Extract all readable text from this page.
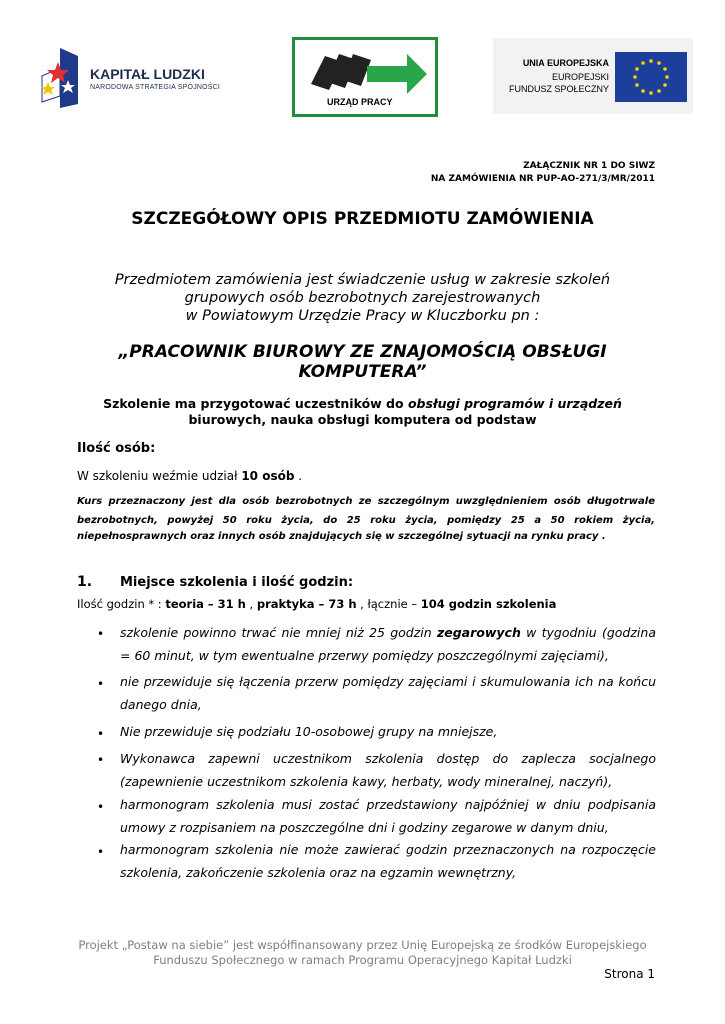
KAPITAŁ LUDZKI
NARODOWA STRATEGIA SPÓJNOŚCI
URZĄD PRACY
UNIA EUROPEJSKA
EUROPEJSKI
FUNDUSZ SPOŁECZNY
ZAŁĄCZNIK NR 1 DO SIWZ
NA ZAMÓWIENIA NR PUP-AO-271/3/MR/2011
SZCZEGÓŁOWY OPIS PRZEDMIOTU ZAMÓWIENIA
Przedmiotem zamówienia jest świadczenie usług w zakresie szkoleń
grupowych osób bezrobotnych zarejestrowanych
w Powiatowym Urzędzie Pracy w Kluczborku pn :
„PRACOWNIK BIUROWY ZE ZNAJOMOŚCIĄ OBSŁUGI
KOMPUTERA”
Szkolenie ma przygotować uczestników do obsługi programów i urządzeń
biurowych, nauka obsługi komputera od podstaw
Ilość osób:
W szkoleniu weźmie udział 10 osób .
Kurs przeznaczony jest dla osób bezrobotnych ze szczególnym uwzględnieniem osób długotrwale
bezrobotnych, powyżej 50 roku życia, do 25 roku życia, pomiędzy 25 a 50 rokiem życia,
niepełnosprawnych oraz innych osób znajdujących się w szczególnej sytuacji na rynku pracy .
1. Miejsce szkolenia i ilość godzin:
Ilość godzin * : teoria – 31 h , praktyka – 73 h , łącznie – 104 godzin szkolenia
• szkolenie powinno trwać nie mniej niż 25 godzin zegarowych w tygodniu (godzina = 60 minut, w tym ewentualne przerwy pomiędzy poszczególnymi zajęciami),
• nie przewiduje się łączenia przerw pomiędzy zajęciami i skumulowania ich na końcu danego dnia,
• Nie przewiduje się podziału 10-osobowej grupy na mniejsze,
• Wykonawca zapewni uczestnikom szkolenia dostęp do zaplecza socjalnego (zapewnienie uczestnikom szkolenia kawy, herbaty, wody mineralnej, naczyń),
• harmonogram szkolenia musi zostać przedstawiony najpóźniej w dniu podpisania umowy z rozpisaniem na poszczególne dni i godziny zegarowe w danym dniu,
• harmonogram szkolenia nie może zawierać godzin przeznaczonych na rozpoczęcie szkolenia, zakończenie szkolenia oraz na egzamin wewnętrzny,
Projekt „Postaw na siebie” jest współfinansowany przez Unię Europejską ze środków Europejskiego
Funduszu Społecznego w ramach Programu Operacyjnego Kapitał Ludzki
Strona 1
